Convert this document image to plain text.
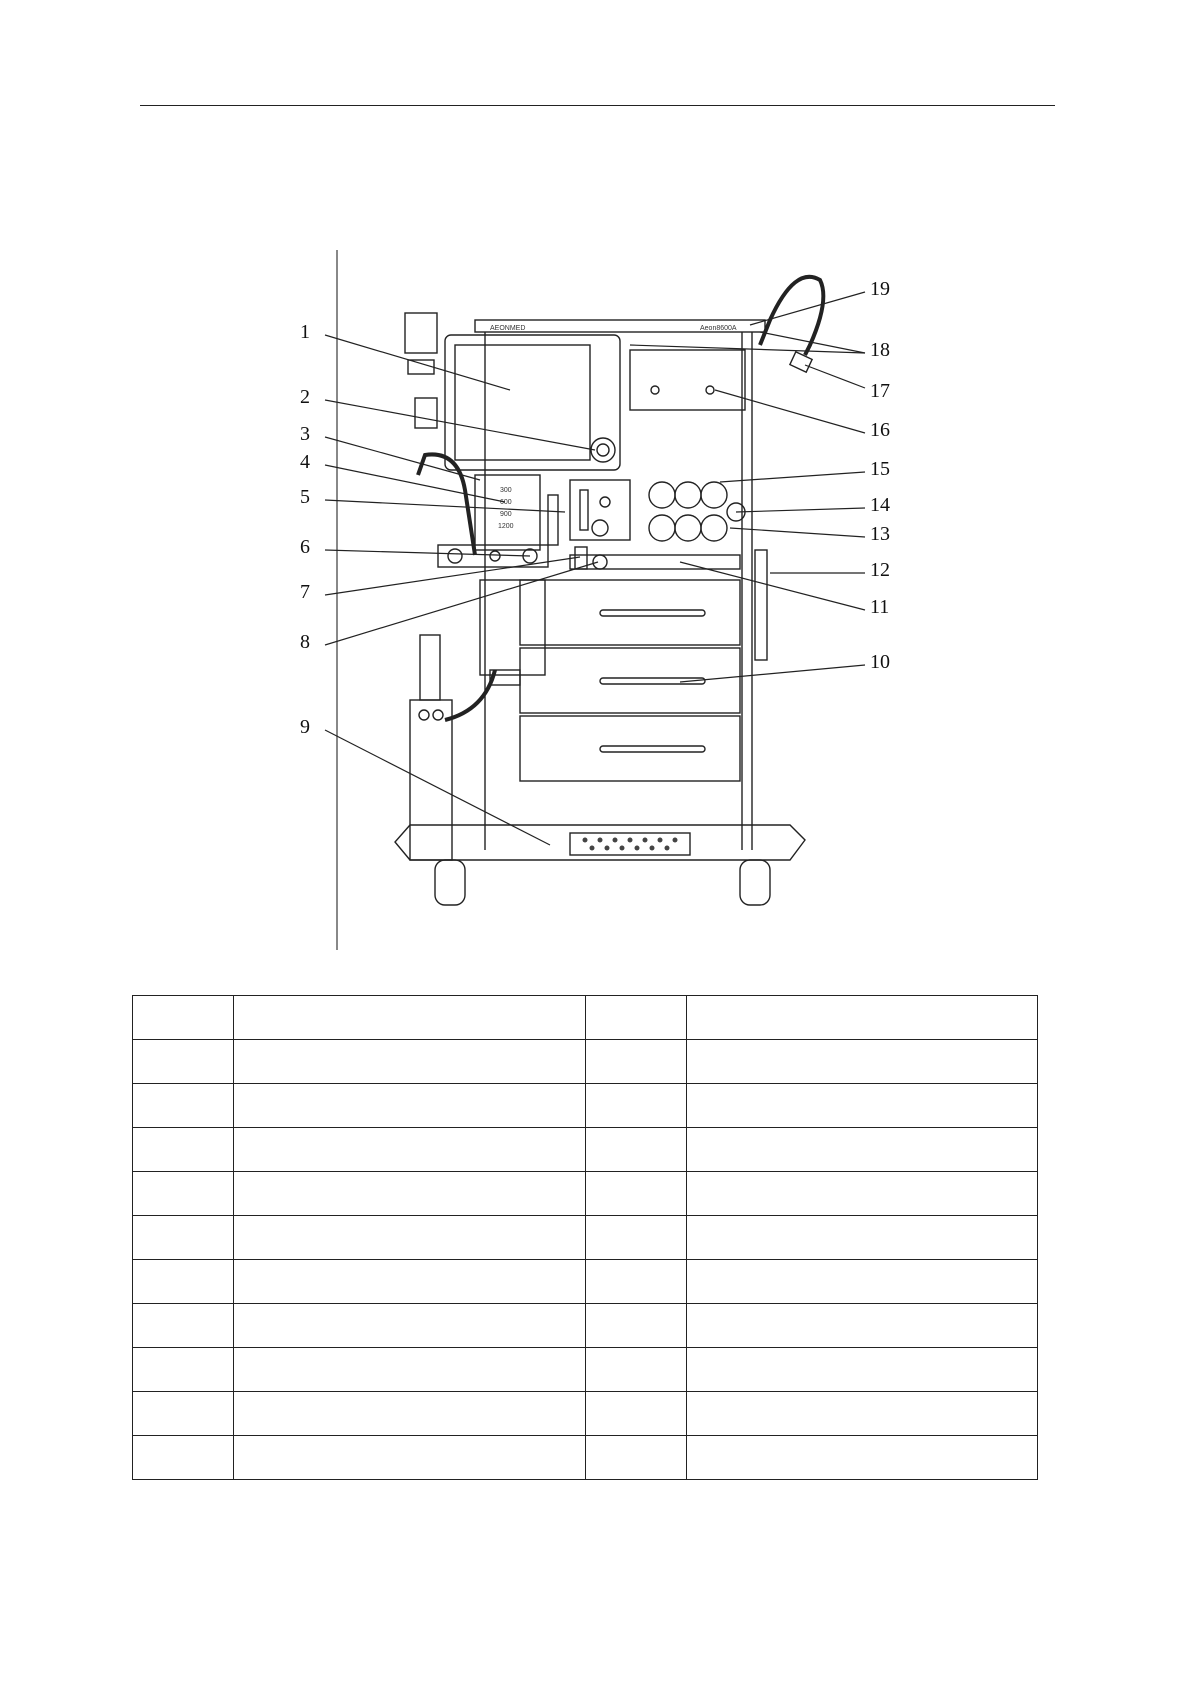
AEONMED	Aeon8600A
300
600
900
1200
1
2
3
4
5
6
7
8
9
10
11
12
13
14
15
16
17
18
19
